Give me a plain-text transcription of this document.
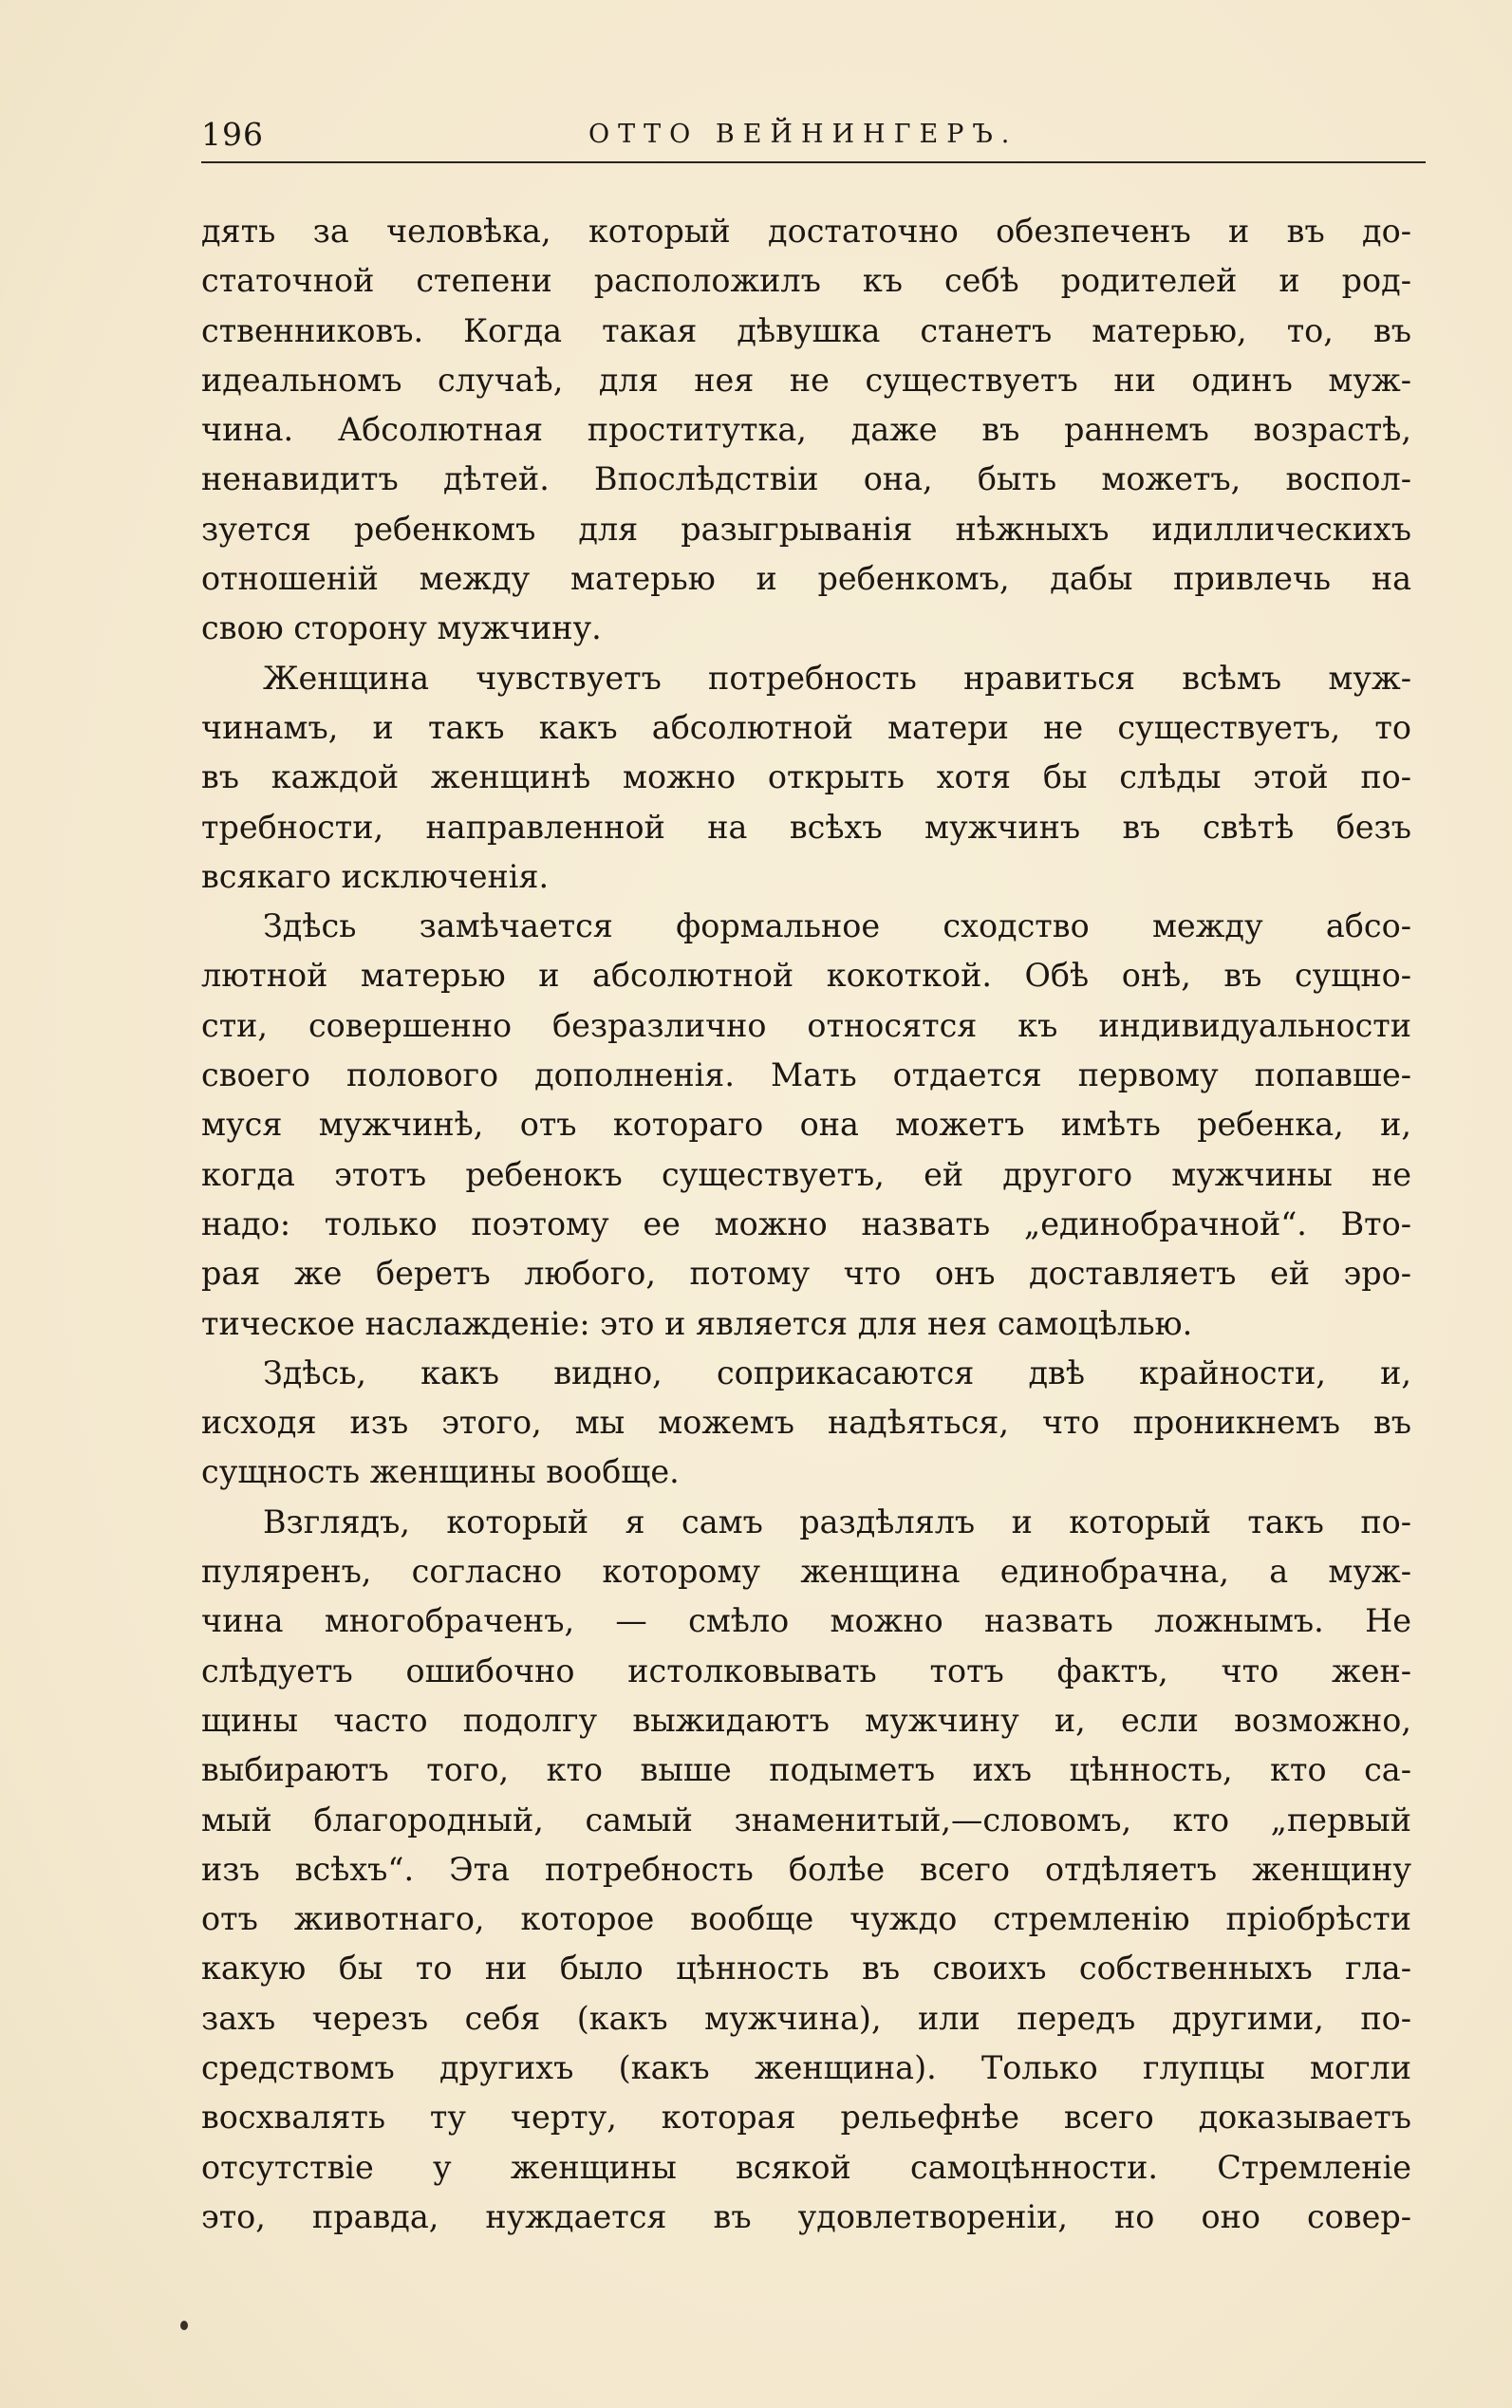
196	ОТТО ВЕЙНИНГЕРЪ.
дять за человѣка, который достаточно обезпеченъ и въ до-
статочной степени расположилъ къ себѣ родителей и род-
ственниковъ. Когда такая дѣвушка станетъ матерью, то, въ
идеальномъ случаѣ, для нея не существуетъ ни одинъ муж-
чина. Абсолютная проститутка, даже въ раннемъ возрастѣ,
ненавидитъ дѣтей. Впослѣдствіи она, быть можетъ, воспол-
зуется ребенкомъ для разыгрыванія нѣжныхъ идиллическихъ
отношеній между матерью и ребенкомъ, дабы привлечь на
свою сторону мужчину.
Женщина чувствуетъ потребность нравиться всѣмъ муж-
чинамъ, и такъ какъ абсолютной матери не существуетъ, то
въ каждой женщинѣ можно открыть хотя бы слѣды этой по-
требности, направленной на всѣхъ мужчинъ въ свѣтѣ безъ
всякаго исключенія.
Здѣсь замѣчается формальное сходство между абсо-
лютной матерью и абсолютной кокоткой. Обѣ онѣ, въ сущно-
сти, совершенно безразлично относятся къ индивидуальности
своего полового дополненія. Мать отдается первому попавше-
муся мужчинѣ, отъ котораго она можетъ имѣть ребенка, и,
когда этотъ ребенокъ существуетъ, ей другого мужчины не
надо: только поэтому ее можно назвать „единобрачной“. Вто-
рая же беретъ любого, потому что онъ доставляетъ ей эро-
тическое наслажденіе: это и является для нея самоцѣлью.
Здѣсь, какъ видно, соприкасаются двѣ крайности, и,
исходя изъ этого, мы можемъ надѣяться, что проникнемъ въ
сущность женщины вообще.
Взглядъ, который я самъ раздѣлялъ и который такъ по-
пуляренъ, согласно которому женщина единобрачна, а муж-
чина многобраченъ, — смѣло можно назвать ложнымъ. Не
слѣдуетъ ошибочно истолковывать тотъ фактъ, что жен-
щины часто подолгу выжидаютъ мужчину и, если возможно,
выбираютъ того, кто выше подыметъ ихъ цѣнность, кто са-
мый благородный, самый знаменитый,—словомъ, кто „первый
изъ всѣхъ“. Эта потребность болѣе всего отдѣляетъ женщину
отъ животнаго, которое вообще чуждо стремленію пріобрѣсти
какую бы то ни было цѣнность въ своихъ собственныхъ гла-
захъ черезъ себя (какъ мужчина), или передъ другими, по-
средствомъ другихъ (какъ женщина). Только глупцы могли
восхвалять ту черту, которая рельефнѣе всего доказываетъ
отсутствіе у женщины всякой самоцѣнности. Стремленіе
это, правда, нуждается въ удовлетвореніи, но оно совер-
